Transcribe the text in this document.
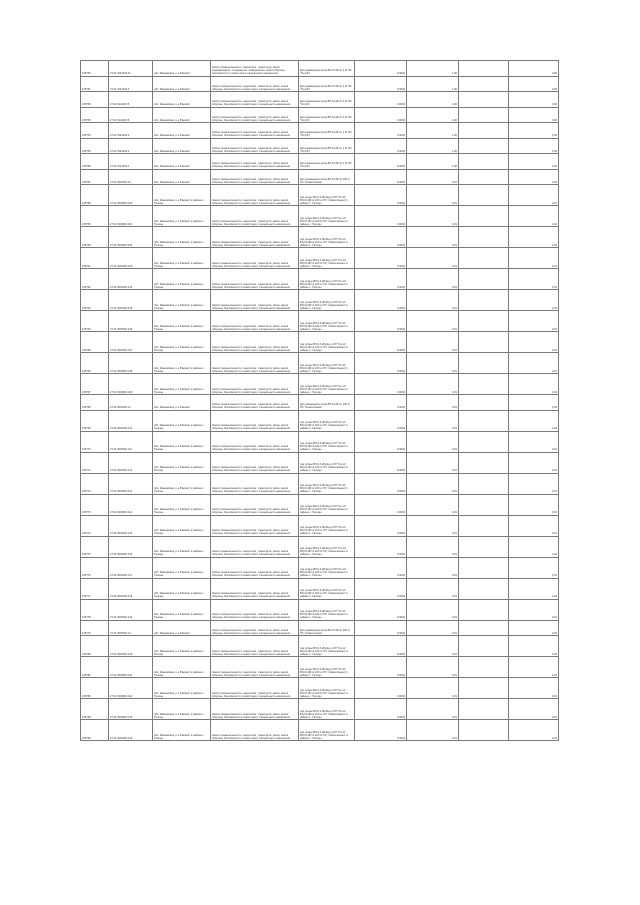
165750	27:21:0112203:12	обл. Ивановская, р-н Южский	Земли промышленности, энергетики, транспорта, связи, радиовещания, телевидения, информатики, земли обороны, безопасности и земли иного специального назначения	Для размещения опор ВЛ-10 кВ № 1 (0 ПС "Холуй")	0,0004	1,00		0,06
165751	27:21:0112203:4	обл. Ивановская, р-н Южский	Земли промышленности, энергетики, транспорта, связи, земли обороны, безопасности и земли иного специального назначения	Для размещения опор ВЛ-10 кВ № 1 (0 ПС "Холуй")	0,0004	1,00		0,06
165752	27:21:0112203:5	обл. Ивановская, р-н Южский	Земли промышленности, энергетики, транспорта, связи, земли обороны, безопасности и земли иного специального назначения	Для размещения опор ВЛ-10 кВ № 1 (0 ПС "Холуй")	0,0004	1,00		0,06
165753	27:21:0112203:6	обл. Ивановская, р-н Южский	Земли промышленности, энергетики, транспорта, связи, земли обороны, безопасности и земли иного специального назначения	Для размещения опор ВЛ-10 кВ № 1 (0 ПС "Холуй")	0,0004	1,00		0,06
165754	27:21:0112203:3	обл. Ивановская, р-н Южский	Земли промышленности, энергетики, транспорта, связи, земли обороны, безопасности и земли иного специального назначения	Для размещения опор ВЛ-10 кВ № 1 (0 ПС "Холуй")	0,0004	1,00		0,06
165755	27:21:0112203:2	обл. Ивановская, р-н Южский	Земли промышленности, энергетики, транспорта, связи, земли обороны, безопасности и земли иного специального назначения	Для размещения опор ВЛ-10 кВ № 1 (0 ПС "Холуй")	0,0004	1,00		0,06
165756	27:21:0112203:1	обл. Ивановская, р-н Южский	Земли промышленности, энергетики, транспорта, связи, земли обороны, безопасности и земли иного специального назначения	Для размещения опор ВЛ-10 кВ № 1 (0 ПС "Холуй")	0,0004	1,00		0,06
165757	27:21:0000001:10	обл. Ивановская, р-н Южский	Земли промышленности, энергетики, транспорта, связи, земли обороны, безопасности и земли иного специального назначения	Для размещения опор ВЛ-10 кВ № 100 от ПС "Новоклязьма"	0,0004	0,01		0,03
165758	27:21:0000001:100	обл. Ивановская, р-н Южский, в районе с. Талицы	Земли промышленности, энергетики, транспорта, связи, земли обороны, безопасности и земли иного специального назначения	под опоры ВЛ-0,4 кВ фид.1 КТП № 10 ВЛ-10 кВ № 100 от ПС "Новоклязьма" в районе с. Талицы	0,0004	0,01		0,01
165759	27:21:0000001:101	обл. Ивановская, р-н Южский, в районе с. Талицы	Земли промышленности, энергетики, транспорта, связи, земли обороны, безопасности и земли иного специального назначения	под опоры ВЛ-0,4 кВ фид.1 КТП № 10 ВЛ-10 кВ № 100 от ПС "Новоклязьма" в районе с. Талицы	0,0004	0,01		0,42
165760	27:21:0000001:102	обл. Ивановская, р-н Южский, в районе с. Талицы	Земли промышленности, энергетики, транспорта, связи, земли обороны, безопасности и земли иного специального назначения	под опоры ВЛ-0,4 кВ фид.1 КТП № 10 ВЛ-10 кВ № 100 от ПС "Новоклязьма" в районе с. Талицы	0,0004	0,01		1,62
165761	27:21:0000001:103	обл. Ивановская, р-н Южский, в районе с. Талицы	Земли промышленности, энергетики, транспорта, связи, земли обороны, безопасности и земли иного специального назначения	под опоры ВЛ-0,4 кВ фид.1 КТП № 10 ВЛ-10 кВ № 100 от ПС "Новоклязьма" в районе с. Талицы	0,0004	0,01		0,01
165762	27:21:0000001:104	обл. Ивановская, р-н Южский, в районе с. Талицы	Земли промышленности, энергетики, транспорта, связи, земли обороны, безопасности и земли иного специального назначения	под опоры ВЛ-0,4 кВ фид.1 КТП № 10 ВЛ-10 кВ № 100 от ПС "Новоклязьма" в районе с. Талицы	0,0004	0,01		0,01
165763	27:21:0000001:105	обл. Ивановская, р-н Южский, в районе с. Талицы	Земли промышленности, энергетики, транспорта, связи, земли обороны, безопасности и земли иного специального назначения	под опоры ВЛ-0,4 кВ фид.1 КТП № 10 ВЛ-10 кВ № 100 от ПС "Новоклязьма" в районе с. Талицы	0,0004	0,01		0,42
165764	27:21:0000001:106	обл. Ивановская, р-н Южский, в районе с. Талицы	Земли промышленности, энергетики, транспорта, связи, земли обороны, безопасности и земли иного специального назначения	под опоры ВЛ-0,4 кВ фид.1 КТП № 10 ВЛ-10 кВ № 100 от ПС "Новоклязьма" в районе с. Талицы	0,0004	0,01		0,01
165765	27:21:0000001:107	обл. Ивановская, р-н Южский, в районе с. Талицы	Земли промышленности, энергетики, транспорта, связи, земли обороны, безопасности и земли иного специального назначения	под опоры ВЛ-0,4 кВ фид.1 КТП № 10 ВЛ-10 кВ № 100 от ПС "Новоклязьма" в районе с. Талицы	0,0004	0,01		0,01
165766	27:21:0000001:108	обл. Ивановская, р-н Южский, в районе с. Талицы	Земли промышленности, энергетики, транспорта, связи, земли обороны, безопасности и земли иного специального назначения	под опоры ВЛ-0,4 кВ фид.1 КТП № 10 ВЛ-10 кВ № 100 от ПС "Новоклязьма" в районе с. Талицы	0,0004	0,01		0,01
165767	27:21:0000001:109	обл. Ивановская, р-н Южский, в районе с. Талицы	Земли промышленности, энергетики, транспорта, связи, земли обороны, безопасности и земли иного специального назначения	под опоры ВЛ-0,4 кВ фид.1 КТП № 10 ВЛ-10 кВ № 100 от ПС "Новоклязьма" в районе с. Талицы	0,0004	0,01		1,62
165768	27:21:0000001:11	обл. Ивановская, р-н Южский	Земли промышленности, энергетики, транспорта, связи, земли обороны, безопасности и земли иного специального назначения	Для размещения опор ВЛ-10 кВ № 100 от ПС "Новоклязьма"	0,0004	0,01		0,03
165769	27:21:0000001:110	обл. Ивановская, р-н Южский, в районе с. Талицы	Земли промышленности, энергетики, транспорта, связи, земли обороны, безопасности и земли иного специального назначения	под опоры ВЛ-0,4 кВ фид.2 КТП № 10 ВЛ-10 кВ № 100 от ПС "Новоклязьма" в районе с. Талицы	0,0004	0,01		1,62
165770	27:21:0000001:111	обл. Ивановская, р-н Южский, в районе с. Талицы	Земли промышленности, энергетики, транспорта, связи, земли обороны, безопасности и земли иного специального назначения	под опоры ВЛ-0,4 кВ фид.2 КТП № 10 ВЛ-10 кВ № 100 от ПС "Новоклязьма" в районе с. Талицы	0,0004	0,01		0,01
165771	27:21:0000001:112	обл. Ивановская, р-н Южский, в районе с. Талицы	Земли промышленности, энергетики, транспорта, связи, земли обороны, безопасности и земли иного специального назначения	под опоры ВЛ-0,4 кВ фид.2 КТП № 10 ВЛ-10 кВ № 100 от ПС "Новоклязьма" в районе с. Талицы	0,0004	0,01		0,01
165772	27:21:0000001:113	обл. Ивановская, р-н Южский, в районе с. Талицы	Земли промышленности, энергетики, транспорта, связи, земли обороны, безопасности и земли иного специального назначения	под опоры ВЛ-0,4 кВ фид.2 КТП № 10 ВЛ-10 кВ № 100 от ПС "Новоклязьма" в районе с. Талицы	0,0004	0,01		0,01
165773	27:21:0000001:114	обл. Ивановская, р-н Южский, в районе с. Талицы	Земли промышленности, энергетики, транспорта, связи, земли обороны, безопасности и земли иного специального назначения	под опоры ВЛ-0,4 кВ фид.2 КТП № 10 ВЛ-10 кВ № 100 от ПС "Новоклязьма" в районе с. Талицы	0,0004	0,01		0,01
165774	27:21:0000001:115	обл. Ивановская, р-н Южский, в районе с. Талицы	Земли промышленности, энергетики, транспорта, связи, земли обороны, безопасности и земли иного специального назначения	под опоры ВЛ-0,4 кВ фид.2 КТП № 10 ВЛ-10 кВ № 100 от ПС "Новоклязьма" в районе с. Талицы	0,0004	0,01		0,01
165775	27:21:0000001:116	обл. Ивановская, р-н Южский, в районе с. Талицы	Земли промышленности, энергетики, транспорта, связи, земли обороны, безопасности и земли иного специального назначения	под опоры ВЛ-0,4 кВ фид.2 КТП № 10 ВЛ-10 кВ № 100 от ПС "Новоклязьма" в районе с. Талицы	0,0004	0,01		1,62
165776	27:21:0000001:117	обл. Ивановская, р-н Южский, в районе с. Талицы	Земли промышленности, энергетики, транспорта, связи, земли обороны, безопасности и земли иного специального назначения	под опоры ВЛ-0,4 кВ фид.2 КТП № 10 ВЛ-10 кВ № 100 от ПС "Новоклязьма" в районе с. Талицы	0,0004	0,01		0,01
165777	27:21:0000001:118	обл. Ивановская, р-н Южский, в районе с. Талицы	Земли промышленности, энергетики, транспорта, связи, земли обороны, безопасности и земли иного специального назначения	под опоры ВЛ-0,4 кВ фид.2 КТП № 10 ВЛ-10 кВ № 100 от ПС "Новоклязьма" в районе с. Талицы	0,0004	0,01		1,62
165778	27:21:0000001:119	обл. Ивановская, р-н Южский, в районе с. Талицы	Земли промышленности, энергетики, транспорта, связи, земли обороны, безопасности и земли иного специального назначения	под опоры ВЛ-0,4 кВ фид.2 КТП № 10 ВЛ-10 кВ № 100 от ПС "Новоклязьма" в районе с. Талицы	0,0004	0,01		0,01
165779	27:21:0000001:12	обл. Ивановская, р-н Южский	Земли промышленности, энергетики, транспорта, связи, земли обороны, безопасности и земли иного специального назначения	Для размещения опор ВЛ-10 кВ № 100 от ПС "Новоклязьма"	0,0004	0,01		0,03
165780	27:21:0000001:120	обл. Ивановская, р-н Южский, в районе с. Талицы	Земли промышленности, энергетики, транспорта, связи, земли обороны, безопасности и земли иного специального назначения	под опоры ВЛ-0,4 кВ фид.1 КТП № 12 ВЛ-10 кВ № 100 от ПС "Новоклязьма" в районе с. Талицы	0,0004	0,01		0,42
165781	27:21:0000001:121	обл. Ивановская, р-н Южский, в районе с. Талицы	Земли промышленности, энергетики, транспорта, связи, земли обороны, безопасности и земли иного специального назначения	под опоры ВЛ-0,4 кВ фид.1 КТП № 12 ВЛ-10 кВ № 100 от ПС "Новоклязьма" в районе с. Талицы	0,0004	0,01		1,62
165782	27:21:0000001:122	обл. Ивановская, р-н Южский, в районе с. Талицы	Земли промышленности, энергетики, транспорта, связи, земли обороны, безопасности и земли иного специального назначения	под опоры ВЛ-0,4 кВ фид.1 КТП № 12 ВЛ-10 кВ № 100 от ПС "Новоклязьма" в районе с. Талицы	0,0004	0,01		0,01
165783	27:21:0000001:123	обл. Ивановская, р-н Южский, в районе с. Талицы	Земли промышленности, энергетики, транспорта, связи, земли обороны, безопасности и земли иного специального назначения	под опоры ВЛ-0,4 кВ фид.1 КТП № 12 ВЛ-10 кВ № 100 от ПС "Новоклязьма" в районе с. Талицы	0,0004	0,01		0,01
165784	27:21:0000001:124	обл. Ивановская, р-н Южский, в районе с. Талицы	Земли промышленности, энергетики, транспорта, связи, земли обороны, безопасности и земли иного специального назначения	под опоры ВЛ-0,4 кВ фид.1 КТП № 12 ВЛ-10 кВ № 100 от ПС "Новоклязьма" в районе с. Талицы	0,0004	0,01		0,01
